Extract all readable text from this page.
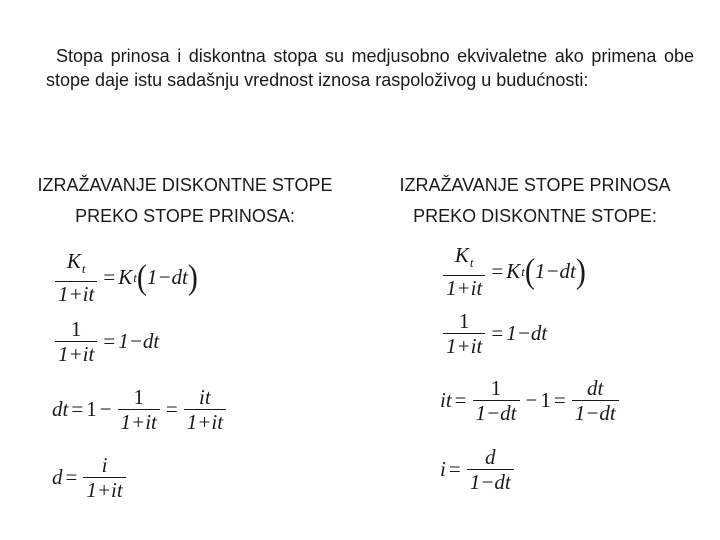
Stopa prinosa i diskontna stopa su medjusobno ekvivaletne ako primena obe stope daje istu sadašnju vrednost iznosa raspoloživog u budućnosti:

IZRAŽAVANJE DISKONTNE STOPE
PREKO STOPE PRINOSA:
IZRAŽAVANJE STOPE PRINOSA
PREKO DISKONTNE STOPE:
$\frac{K_t}{1+it} = K$ t ( 1−dt )
$\frac{1}{1+it} = 1-dt$
dt = $1 - \frac{1}{1+it} = \frac{it}{1+it}$
$d = \frac{i}{1+it}$
$\frac{K_t}{1+it} = K$ t ( 1−dt )
$\frac{1}{1+it} = 1-dt$
it = $\frac{1}{1-dt} - 1 = \frac{dt}{1-dt}$
$i = \frac{d}{1-dt}$
